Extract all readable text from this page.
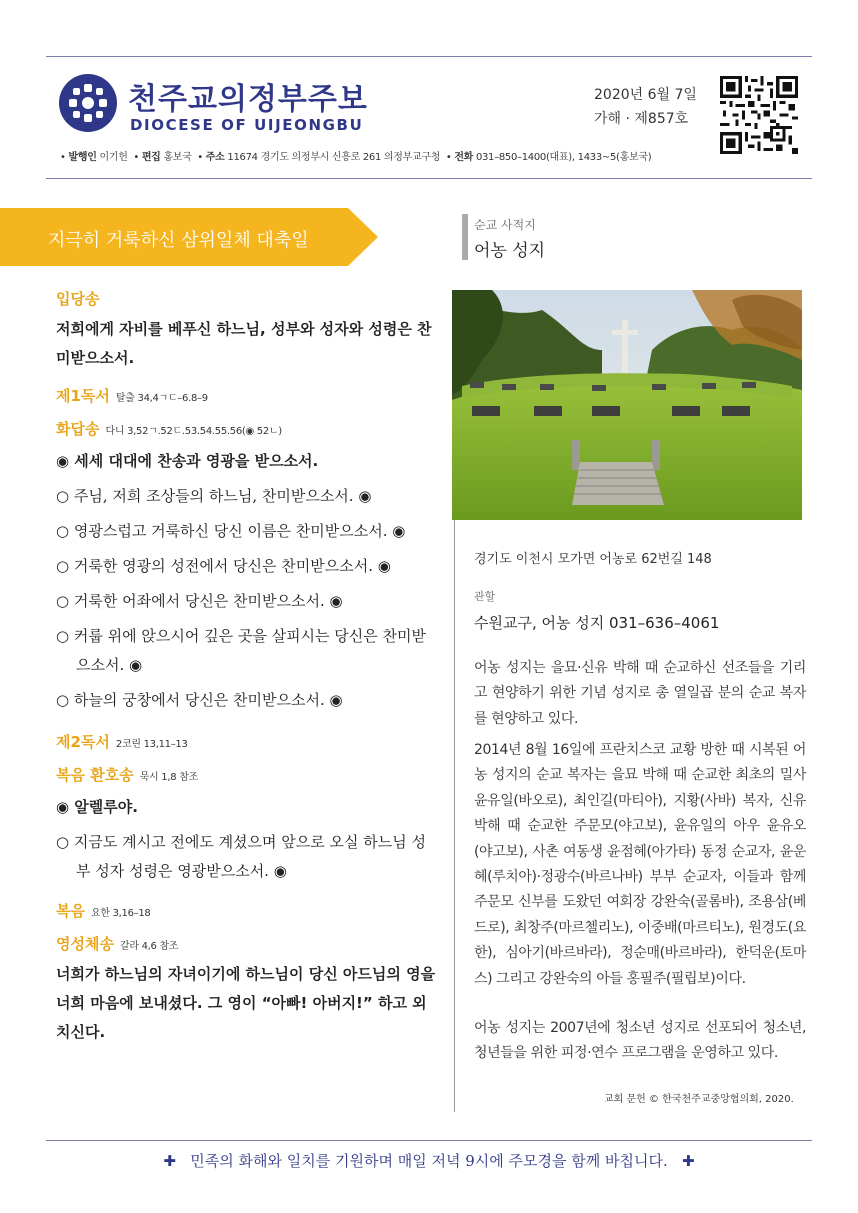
천주교의정부주보
DIOCESE OF UIJEONGBU
2020년 6월 7일
가해 · 제857호
• 발행인 이기헌  • 편집 홍보국  • 주소 11674 경기도 의정부시 신흥로 261 의정부교구청  • 전화 031–850–1400(대표), 1433~5(홍보국)
지극히 거룩하신 삼위일체 대축일
입당송
저희에게 자비를 베푸신 하느님, 성부와 성자와 성령은 찬미받으소서.
제1독서 탈출 34,4ㄱㄷ–6.8–9
화답송 다니 3,52ㄱ.52ㄷ.53.54.55.56(◉ 52ㄴ)
◉ 세세 대대에 찬송과 영광을 받으소서.
○ 주님, 저희 조상들의 하느님, 찬미받으소서. ◉
○ 영광스럽고 거룩하신 당신 이름은 찬미받으소서. ◉
○ 거룩한 영광의 성전에서 당신은 찬미받으소서. ◉
○ 거룩한 어좌에서 당신은 찬미받으소서. ◉
○ 커룹 위에 앉으시어 깊은 곳을 살피시는 당신은 찬미받으소서. ◉
○ 하늘의 궁창에서 당신은 찬미받으소서. ◉
제2독서 2코린 13,11–13
복음 환호송 묵시 1,8 참조
◉ 알렐루야.
○ 지금도 계시고 전에도 계셨으며 앞으로 오실 하느님 성부 성자 성령은 영광받으소서. ◉
복음 요한 3,16–18
영성체송 갈라 4,6 참조
너희가 하느님의 자녀이기에 하느님이 당신 아드님의 영을 너희 마음에 보내셨다. 그 영이 “아빠! 아버지!” 하고 외치신다.
순교 사적지
어농 성지
경기도 이천시 모가면 어농로 62번길 148
관할
수원교구, 어농 성지 031–636–4061
어농 성지는 을묘·신유 박해 때 순교하신 선조들을 기리고 현양하기 위한 기념 성지로 총 열일곱 분의 순교 복자를 현양하고 있다.
2014년 8월 16일에 프란치스코 교황 방한 때 시복된 어농 성지의 순교 복자는 을묘 박해 때 순교한 최초의 밀사 윤유일(바오로), 최인길(마티아), 지황(사바) 복자, 신유박해 때 순교한 주문모(야고보), 윤유일의 아우 윤유오(야고보), 사촌 여동생 윤점혜(아가타) 동정 순교자, 윤운혜(루치아)·정광수(바르나바) 부부 순교자, 이들과 함께 주문모 신부를 도왔던 여회장 강완숙(골롬바), 조용삼(베드로), 최창주(마르첼리노), 이중배(마르티노), 원경도(요한), 심아기(바르바라), 정순매(바르바라), 한덕운(토마스) 그리고 강완숙의 아들 홍필주(필립보)이다.
어농 성지는 2007년에 청소년 성지로 선포되어 청소년, 청년들을 위한 피정·연수 프로그램을 운영하고 있다.
교회 문헌 © 한국천주교중앙협의회, 2020.
✚ 민족의 화해와 일치를 기원하며 매일 저녁 9시에 주모경을 함께 바칩니다. ✚
